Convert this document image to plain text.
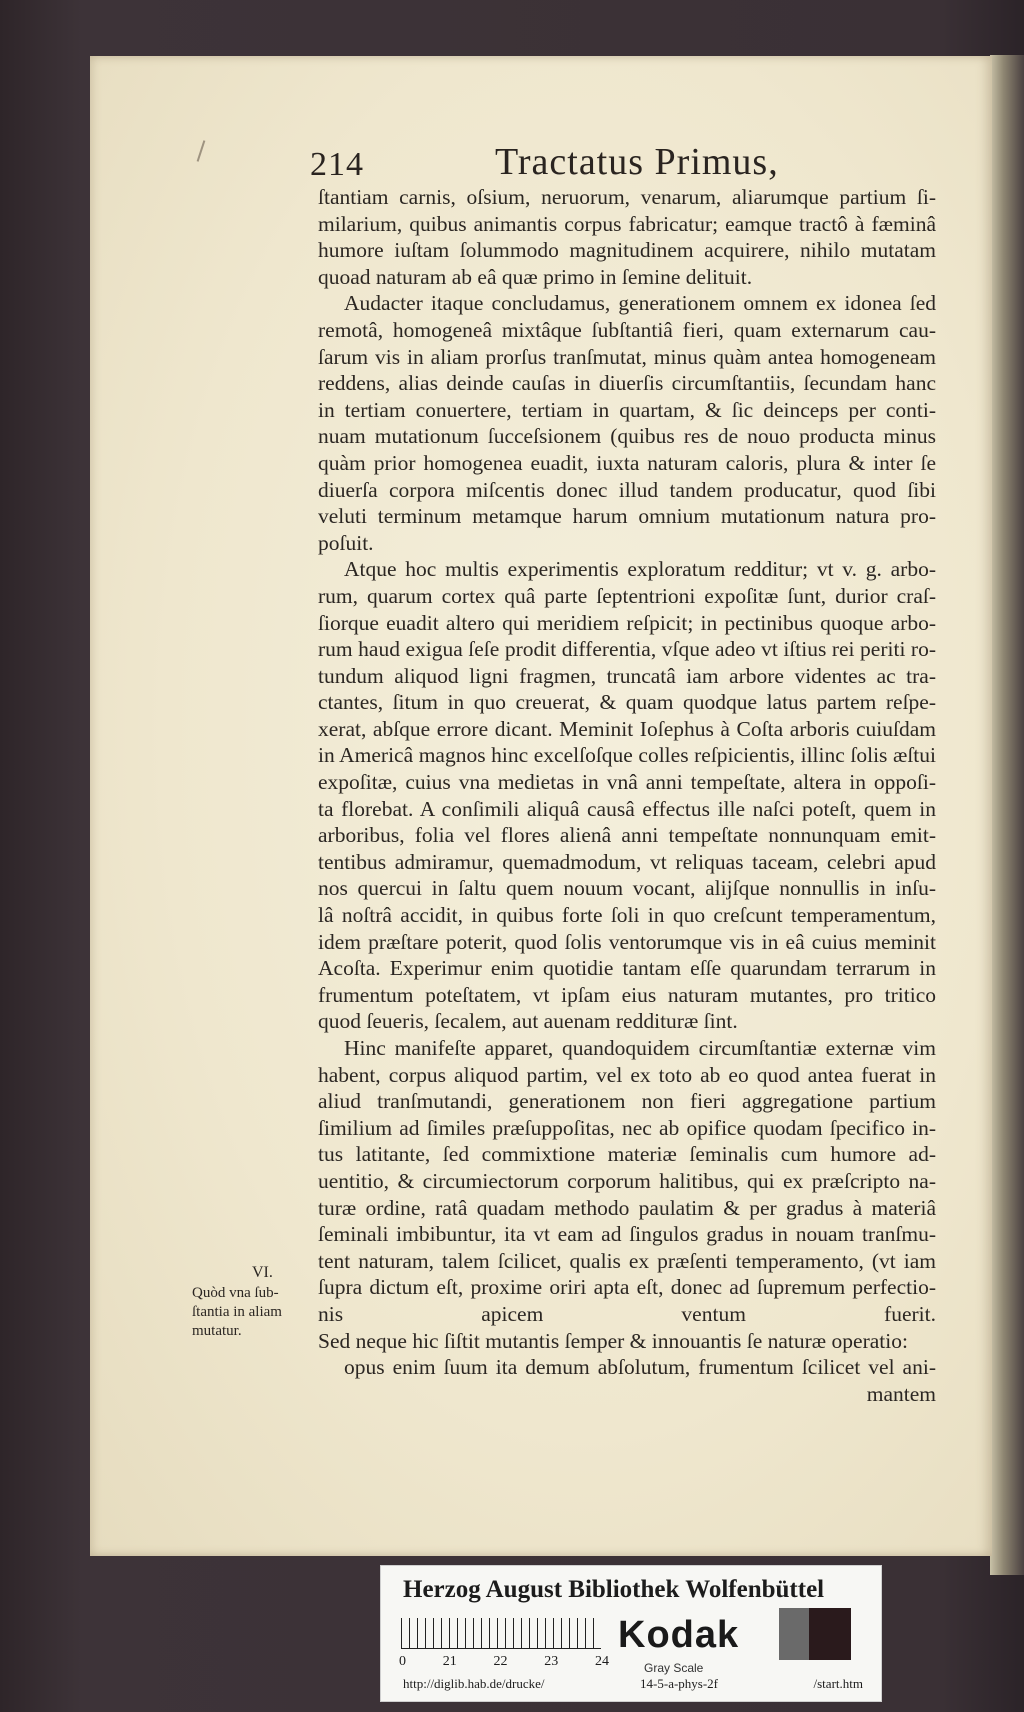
214	Tractatus Primus,
ſtantiam carnis, oſsium, neruorum, venarum, aliarumque partium ſi-
milarium, quibus animantis corpus fabricatur; eamque tractô à fæminâ
humore iuſtam ſolummodo magnitudinem acquirere, nihilo mutatam
quoad naturam ab eâ quæ primo in ſemine delituit.
Audacter itaque concludamus, generationem omnem ex idonea ſed
remotâ, homogeneâ mixtâque ſubſtantiâ fieri, quam externarum cau-
ſarum vis in aliam prorſus tranſmutat, minus quàm antea homogeneam
reddens, alias deinde cauſas in diuerſis circumſtantiis, ſecundam hanc
in tertiam conuertere, tertiam in quartam, & ſic deinceps per conti-
nuam mutationum ſucceſsionem (quibus res de nouo producta minus
quàm prior homogenea euadit, iuxta naturam caloris, plura & inter ſe
diuerſa corpora miſcentis donec illud tandem producatur, quod ſibi
veluti terminum metamque harum omnium mutationum natura pro-
poſuit.
Atque hoc multis experimentis exploratum redditur; vt v. g. arbo-
rum, quarum cortex quâ parte ſeptentrioni expoſitæ ſunt, durior craſ-
ſiorque euadit altero qui meridiem reſpicit; in pectinibus quoque arbo-
rum haud exigua ſeſe prodit differentia, vſque adeo vt iſtius rei periti ro-
tundum aliquod ligni fragmen, truncatâ iam arbore videntes ac tra-
ctantes, ſitum in quo creuerat, & quam quodque latus partem reſpe-
xerat, abſque errore dicant. Meminit Ioſephus à Coſta arboris cuiuſdam
in Americâ magnos hinc excelſoſque colles reſpicientis, illinc ſolis æſtui
expoſitæ, cuius vna medietas in vnâ anni tempeſtate, altera in oppoſi-
ta florebat. A conſimili aliquâ causâ effectus ille naſci poteſt, quem in
arboribus, folia vel flores alienâ anni tempeſtate nonnunquam emit-
tentibus admiramur, quemadmodum, vt reliquas taceam, celebri apud
nos quercui in ſaltu quem nouum vocant, alijſque nonnullis in inſu-
lâ noſtrâ accidit, in quibus forte ſoli in quo creſcunt temperamentum,
idem præſtare poterit, quod ſolis ventorumque vis in eâ cuius meminit
Acoſta. Experimur enim quotidie tantam eſſe quarundam terrarum in
frumentum poteſtatem, vt ipſam eius naturam mutantes, pro tritico
quod ſeueris, ſecalem, aut auenam reddituræ ſint.
Hinc manifeſte apparet, quandoquidem circumſtantiæ externæ vim
habent, corpus aliquod partim, vel ex toto ab eo quod antea fuerat in
aliud tranſmutandi, generationem non fieri aggregatione partium
ſimilium ad ſimiles præſuppoſitas, nec ab opifice quodam ſpecifico in-
tus latitante, ſed commixtione materiæ ſeminalis cum humore ad-
uentitio, & circumiectorum corporum halitibus, qui ex præſcripto na-
turæ ordine, ratâ quadam methodo paulatim & per gradus à materiâ
ſeminali imbibuntur, ita vt eam ad ſingulos gradus in nouam tranſmu-
tent naturam, talem ſcilicet, qualis ex præſenti temperamento, (vt iam
ſupra dictum eſt, proxime oriri apta eſt, donec ad ſupremum perfectio-
nis apicem ventum fuerit.
Sed neque hic ſiſtit mutantis ſemper & innouantis ſe naturæ operatio:
opus enim ſuum ita demum abſolutum, frumentum ſcilicet vel ani-
mantem
VI.
Quòd vna ſub-
ſtantia in aliam
mutatur.
Herzog August Bibliothek Wolfenbüttel
0	21	22	23	24
Kodak
Gray Scale
http://diglib.hab.de/drucke/	14-5-a-phys-2f	/start.htm
